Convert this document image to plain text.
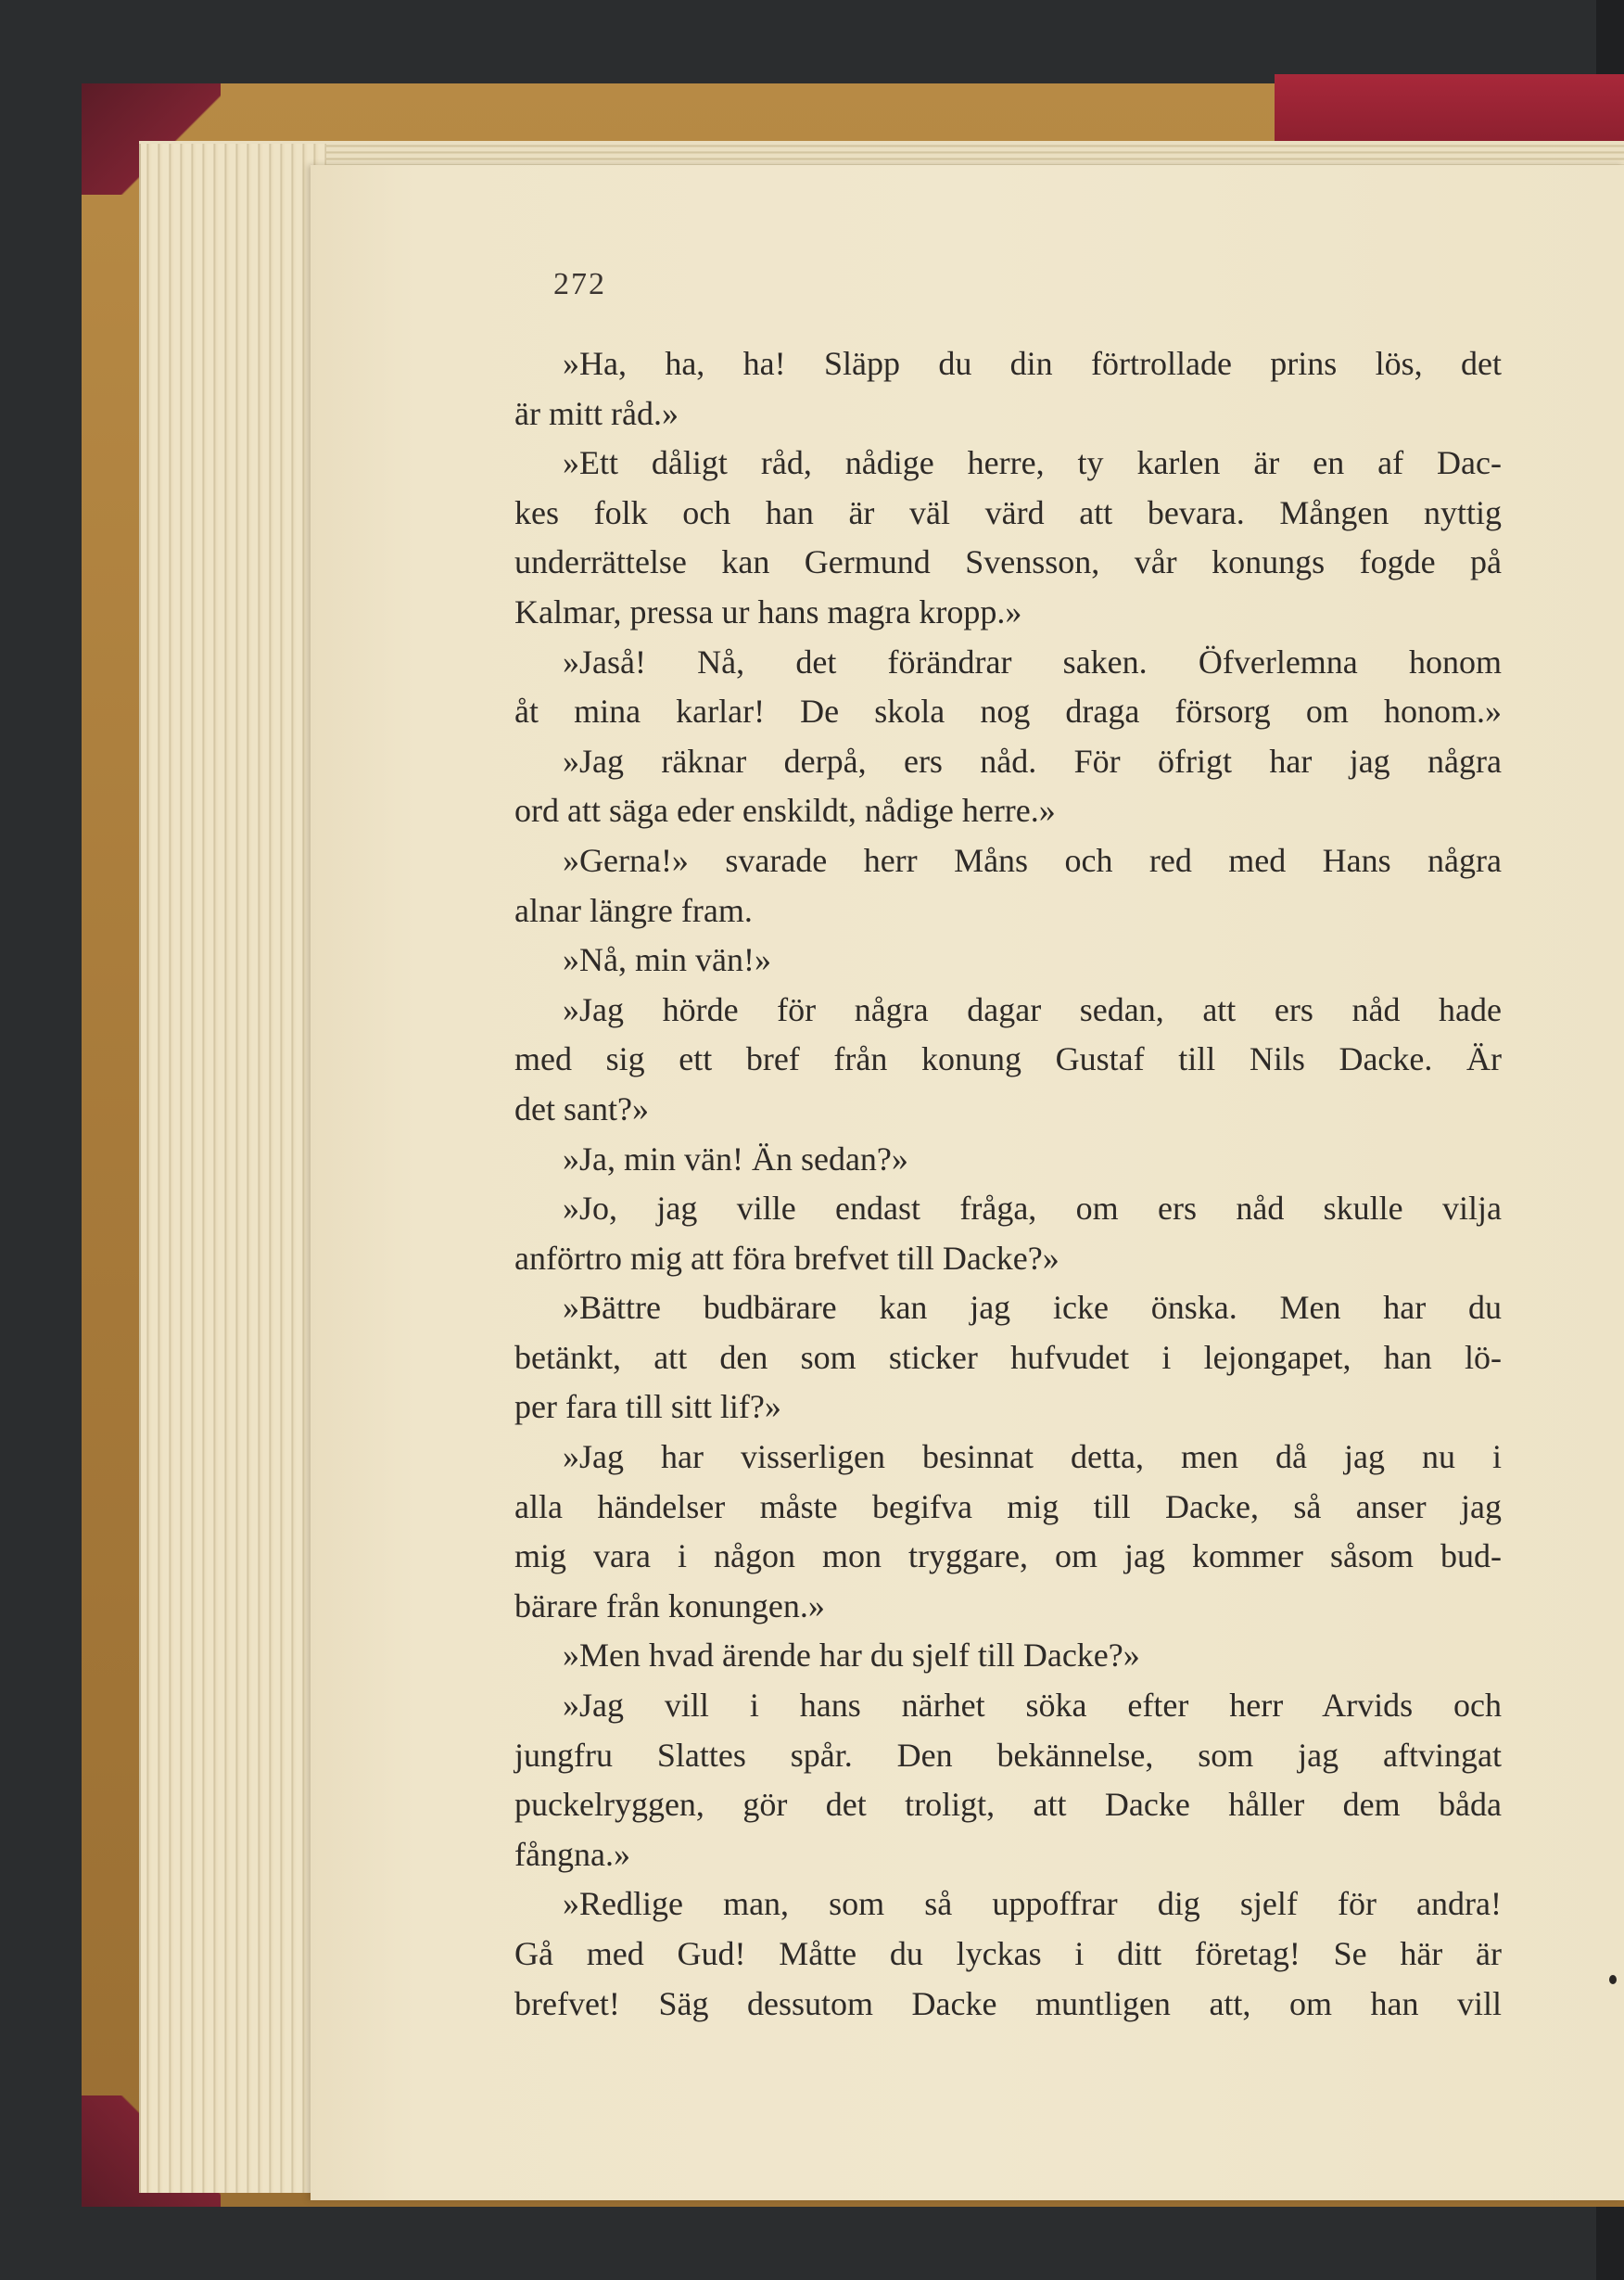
272
»Ha, ha, ha! Släpp du din förtrollade prins lös, det
är mitt råd.»
»Ett dåligt råd, nådige herre, ty karlen är en af Dac-
kes folk och han är väl värd att bevara. Mången nyttig
underrättelse kan Germund Svensson, vår konungs fogde på
Kalmar, pressa ur hans magra kropp.»
»Jaså! Nå, det förändrar saken. Öfverlemna honom
åt mina karlar! De skola nog draga försorg om honom.»
»Jag räknar derpå, ers nåd. För öfrigt har jag några
ord att säga eder enskildt, nådige herre.»
»Gerna!» svarade herr Måns och red med Hans några
alnar längre fram.
»Nå, min vän!»
»Jag hörde för några dagar sedan, att ers nåd hade
med sig ett bref från konung Gustaf till Nils Dacke. Är
det sant?»
»Ja, min vän! Än sedan?»
»Jo, jag ville endast fråga, om ers nåd skulle vilja
anförtro mig att föra brefvet till Dacke?»
»Bättre budbärare kan jag icke önska. Men har du
betänkt, att den som sticker hufvudet i lejongapet, han lö-
per fara till sitt lif?»
»Jag har visserligen besinnat detta, men då jag nu i
alla händelser måste begifva mig till Dacke, så anser jag
mig vara i någon mon tryggare, om jag kommer såsom bud-
bärare från konungen.»
»Men hvad ärende har du sjelf till Dacke?»
»Jag vill i hans närhet söka efter herr Arvids och
jungfru Slattes spår. Den bekännelse, som jag aftvingat
puckelryggen, gör det troligt, att Dacke håller dem båda
fångna.»
»Redlige man, som så uppoffrar dig sjelf för andra!
Gå med Gud! Måtte du lyckas i ditt företag! Se här är
brefvet! Säg dessutom Dacke muntligen att, om han vill
